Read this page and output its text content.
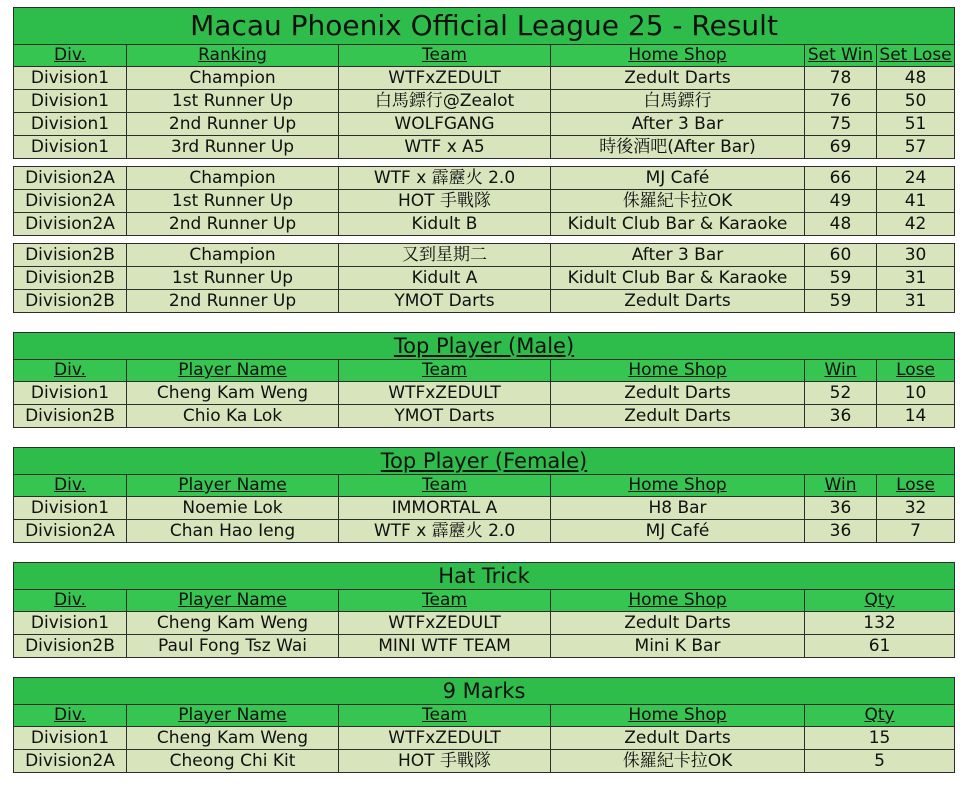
Macau Phoenix Official League 25 - Result					
Div.	Ranking	Team	Home Shop	Set Win	Set Lose
Division1	Champion	WTFxZEDULT	Zedult Darts	78	48
Division1	1st Runner Up	白馬鏢行@Zealot	白馬鏢行	76	50
Division1	2nd Runner Up	WOLFGANG	After 3 Bar	75	51
Division1	3rd Runner Up	WTF x A5	時後酒吧(After Bar)	69	57

Division2A	Champion	WTF x 霹靂火 2.0	MJ Café	66	24
Division2A	1st Runner Up	HOT 手戰隊	侏羅紀卡拉OK	49	41
Division2A	2nd Runner Up	Kidult B	Kidult Club Bar & Karaoke	48	42

Division2B	Champion	又到星期二	After 3 Bar	60	30
Division2B	1st Runner Up	Kidult A	Kidult Club Bar & Karaoke	59	31
Division2B	2nd Runner Up	YMOT Darts	Zedult Darts	59	31

Top Player (Male)					
Div.	Player Name	Team	Home Shop	Win	Lose
Division1	Cheng Kam Weng	WTFxZEDULT	Zedult Darts	52	10
Division2B	Chio Ka Lok	YMOT Darts	Zedult Darts	36	14

Top Player (Female)					
Div.	Player Name	Team	Home Shop	Win	Lose
Division1	Noemie Lok	IMMORTAL A	H8 Bar	36	32
Division2A	Chan Hao Ieng	WTF x 霹靂火 2.0	MJ Café	36	7

Hat Trick					
Div.	Player Name	Team	Home Shop	Qty	
Division1	Cheng Kam Weng	WTFxZEDULT	Zedult Darts	132	
Division2B	Paul Fong Tsz Wai	MINI WTF TEAM	Mini K Bar	61	

9 Marks					
Div.	Player Name	Team	Home Shop	Qty	
Division1	Cheng Kam Weng	WTFxZEDULT	Zedult Darts	15	
Division2A	Cheong Chi Kit	HOT 手戰隊	侏羅紀卡拉OK	5	
